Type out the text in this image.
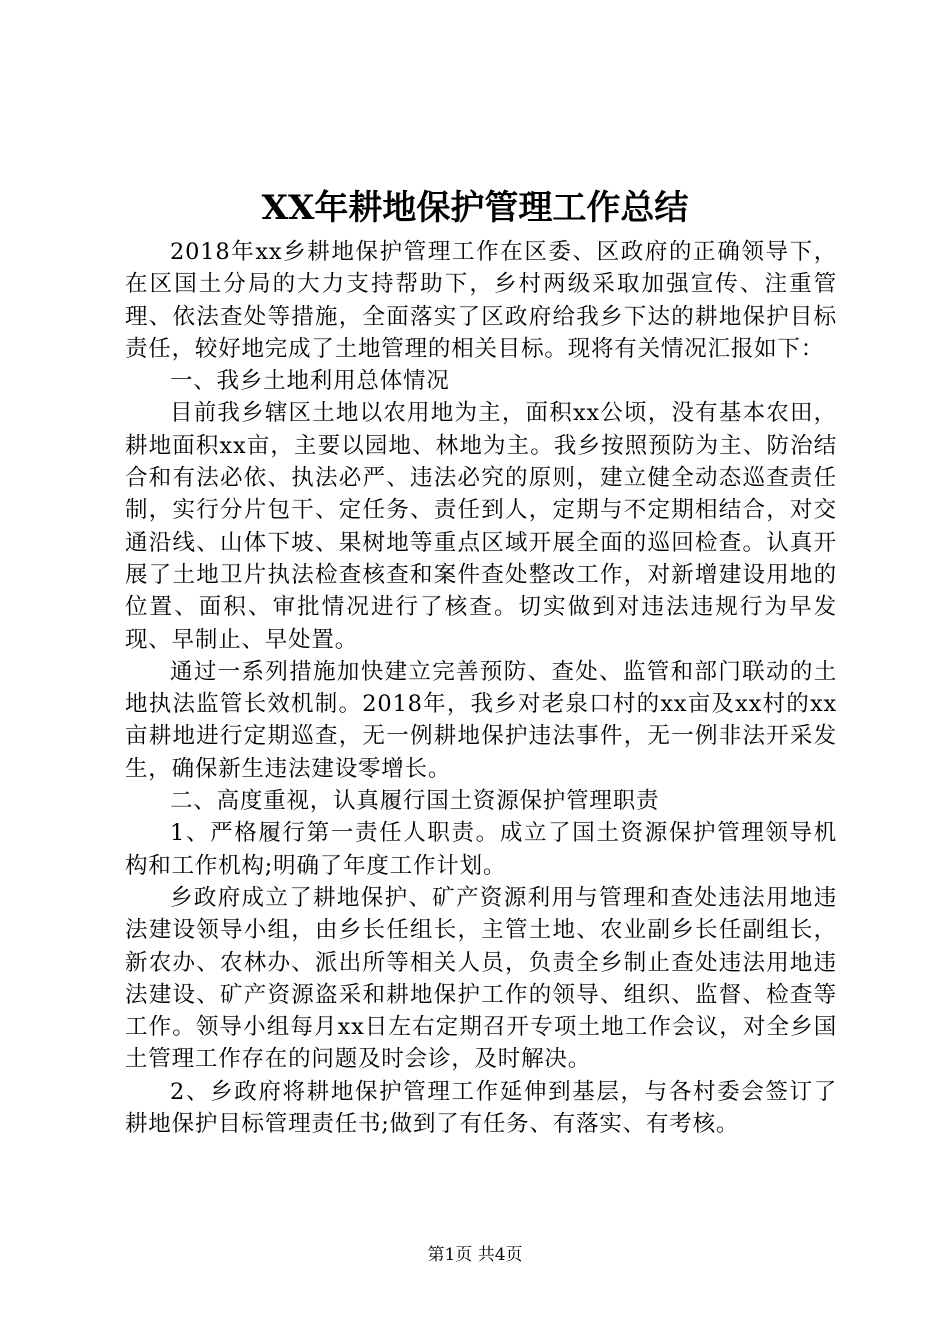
XX年耕地保护管理工作总结

2018年xx乡耕地保护管理工作在区委、区政府的正确领导下，在区国土分局的大力支持帮助下，乡村两级采取加强宣传、注重管理、依法查处等措施，全面落实了区政府给我乡下达的耕地保护目标责任，较好地完成了土地管理的相关目标。现将有关情况汇报如下：

一、我乡土地利用总体情况

目前我乡辖区土地以农用地为主，面积xx公顷，没有基本农田，耕地面积xx亩，主要以园地、林地为主。我乡按照预防为主、防治结合和有法必依、执法必严、违法必究的原则，建立健全动态巡查责任制，实行分片包干、定任务、责任到人，定期与不定期相结合，对交通沿线、山体下坡、果树地等重点区域开展全面的巡回检查。认真开展了土地卫片执法检查核查和案件查处整改工作，对新增建设用地的位置、面积、审批情况进行了核查。切实做到对违法违规行为早发现、早制止、早处置。

通过一系列措施加快建立完善预防、查处、监管和部门联动的土地执法监管长效机制。2018年，我乡对老泉口村的xx亩及xx村的xx亩耕地进行定期巡查，无一例耕地保护违法事件，无一例非法开采发生，确保新生违法建设零增长。

二、高度重视，认真履行国土资源保护管理职责

1、严格履行第一责任人职责。成立了国土资源保护管理领导机构和工作机构;明确了年度工作计划。

乡政府成立了耕地保护、矿产资源利用与管理和查处违法用地违法建设领导小组，由乡长任组长，主管土地、农业副乡长任副组长，新农办、农林办、派出所等相关人员，负责全乡制止查处违法用地违法建设、矿产资源盗采和耕地保护工作的领导、组织、监督、检查等工作。领导小组每月xx日左右定期召开专项土地工作会议，对全乡国土管理工作存在的问题及时会诊，及时解决。

2、乡政府将耕地保护管理工作延伸到基层，与各村委会签订了耕地保护目标管理责任书;做到了有任务、有落实、有考核。

第1页 共4页
